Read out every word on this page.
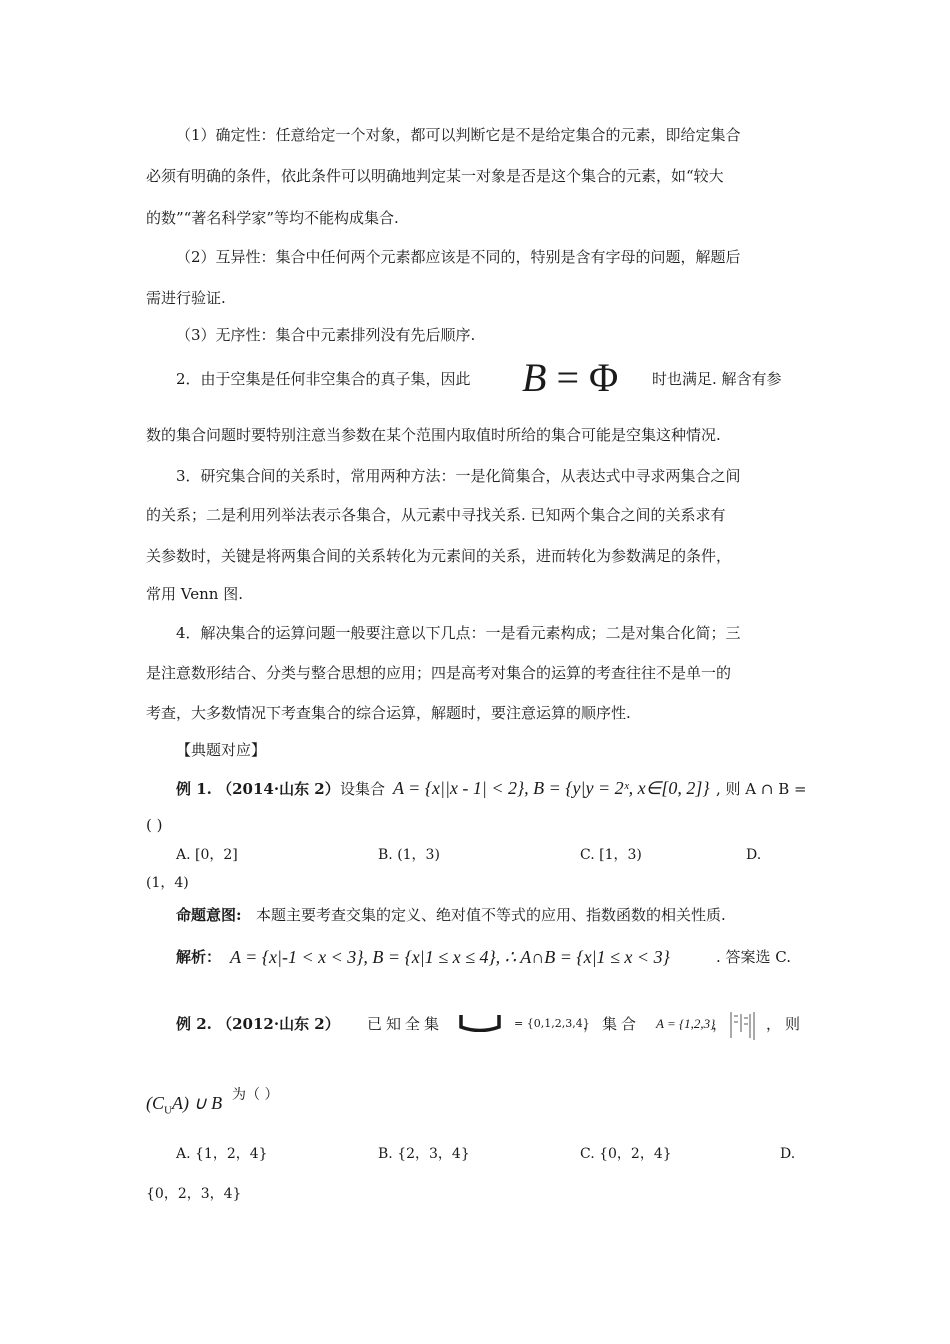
（1）确定性：任意给定一个对象，都可以判断它是不是给定集合的元素，即给定集合
必须有明确的条件，依此条件可以明确地判定某一对象是否是这个集合的元素，如“较大
的数”“著名科学家”等均不能构成集合.
（2）互异性：集合中任何两个元素都应该是不同的，特别是含有字母的问题，解题后
需进行验证.
（3）无序性：集合中元素排列没有先后顺序.
2．由于空集是任何非空集合的真子集，因此 B = Φ 时也满足. 解含有参
数的集合问题时要特别注意当参数在某个范围内取值时所给的集合可能是空集这种情况.
3．研究集合间的关系时，常用两种方法：一是化简集合，从表达式中寻求两集合之间
的关系；二是利用列举法表示各集合，从元素中寻找关系. 已知两个集合之间的关系求有
关参数时，关键是将两集合间的关系转化为元素间的关系，进而转化为参数满足的条件，
常用 Venn 图.
4．解决集合的运算问题一般要注意以下几点：一是看元素构成；二是对集合化简；三
是注意数形结合、分类与整合思想的应用；四是高考对集合的运算的考查往往不是单一的
考查，大多数情况下考查集合的综合运算，解题时，要注意运算的顺序性.
【典题对应】
例 1. （2014·山东 2） 设集合 A = {x||x - 1| < 2}, B = {y|y = 2ˣ, x∈[0, 2]} , 则 A ∩ B =
( )
A. [0，2]	B. (1，3)	C. [1，3)	D.
(1，4)
命题意图: 本题主要考查交集的定义、绝对值不等式的应用、指数函数的相关性质.
解析： A = {x|-1 < x < 3}, B = {x|1 ≤ x ≤ 4}, ∴ A∩B = {x|1 ≤ x < 3}	. 答案选 C.
例 2. （2012·山东 2） 已知全集	= {0,1,2,3,4}
，集合 A = {1,2,3}
，	，则
$(C_UA)$ ∪ B 为（ ）
A. {1，2，4}	B. {2，3，4}	C. {0，2，4}	D.
{0，2，3，4}
